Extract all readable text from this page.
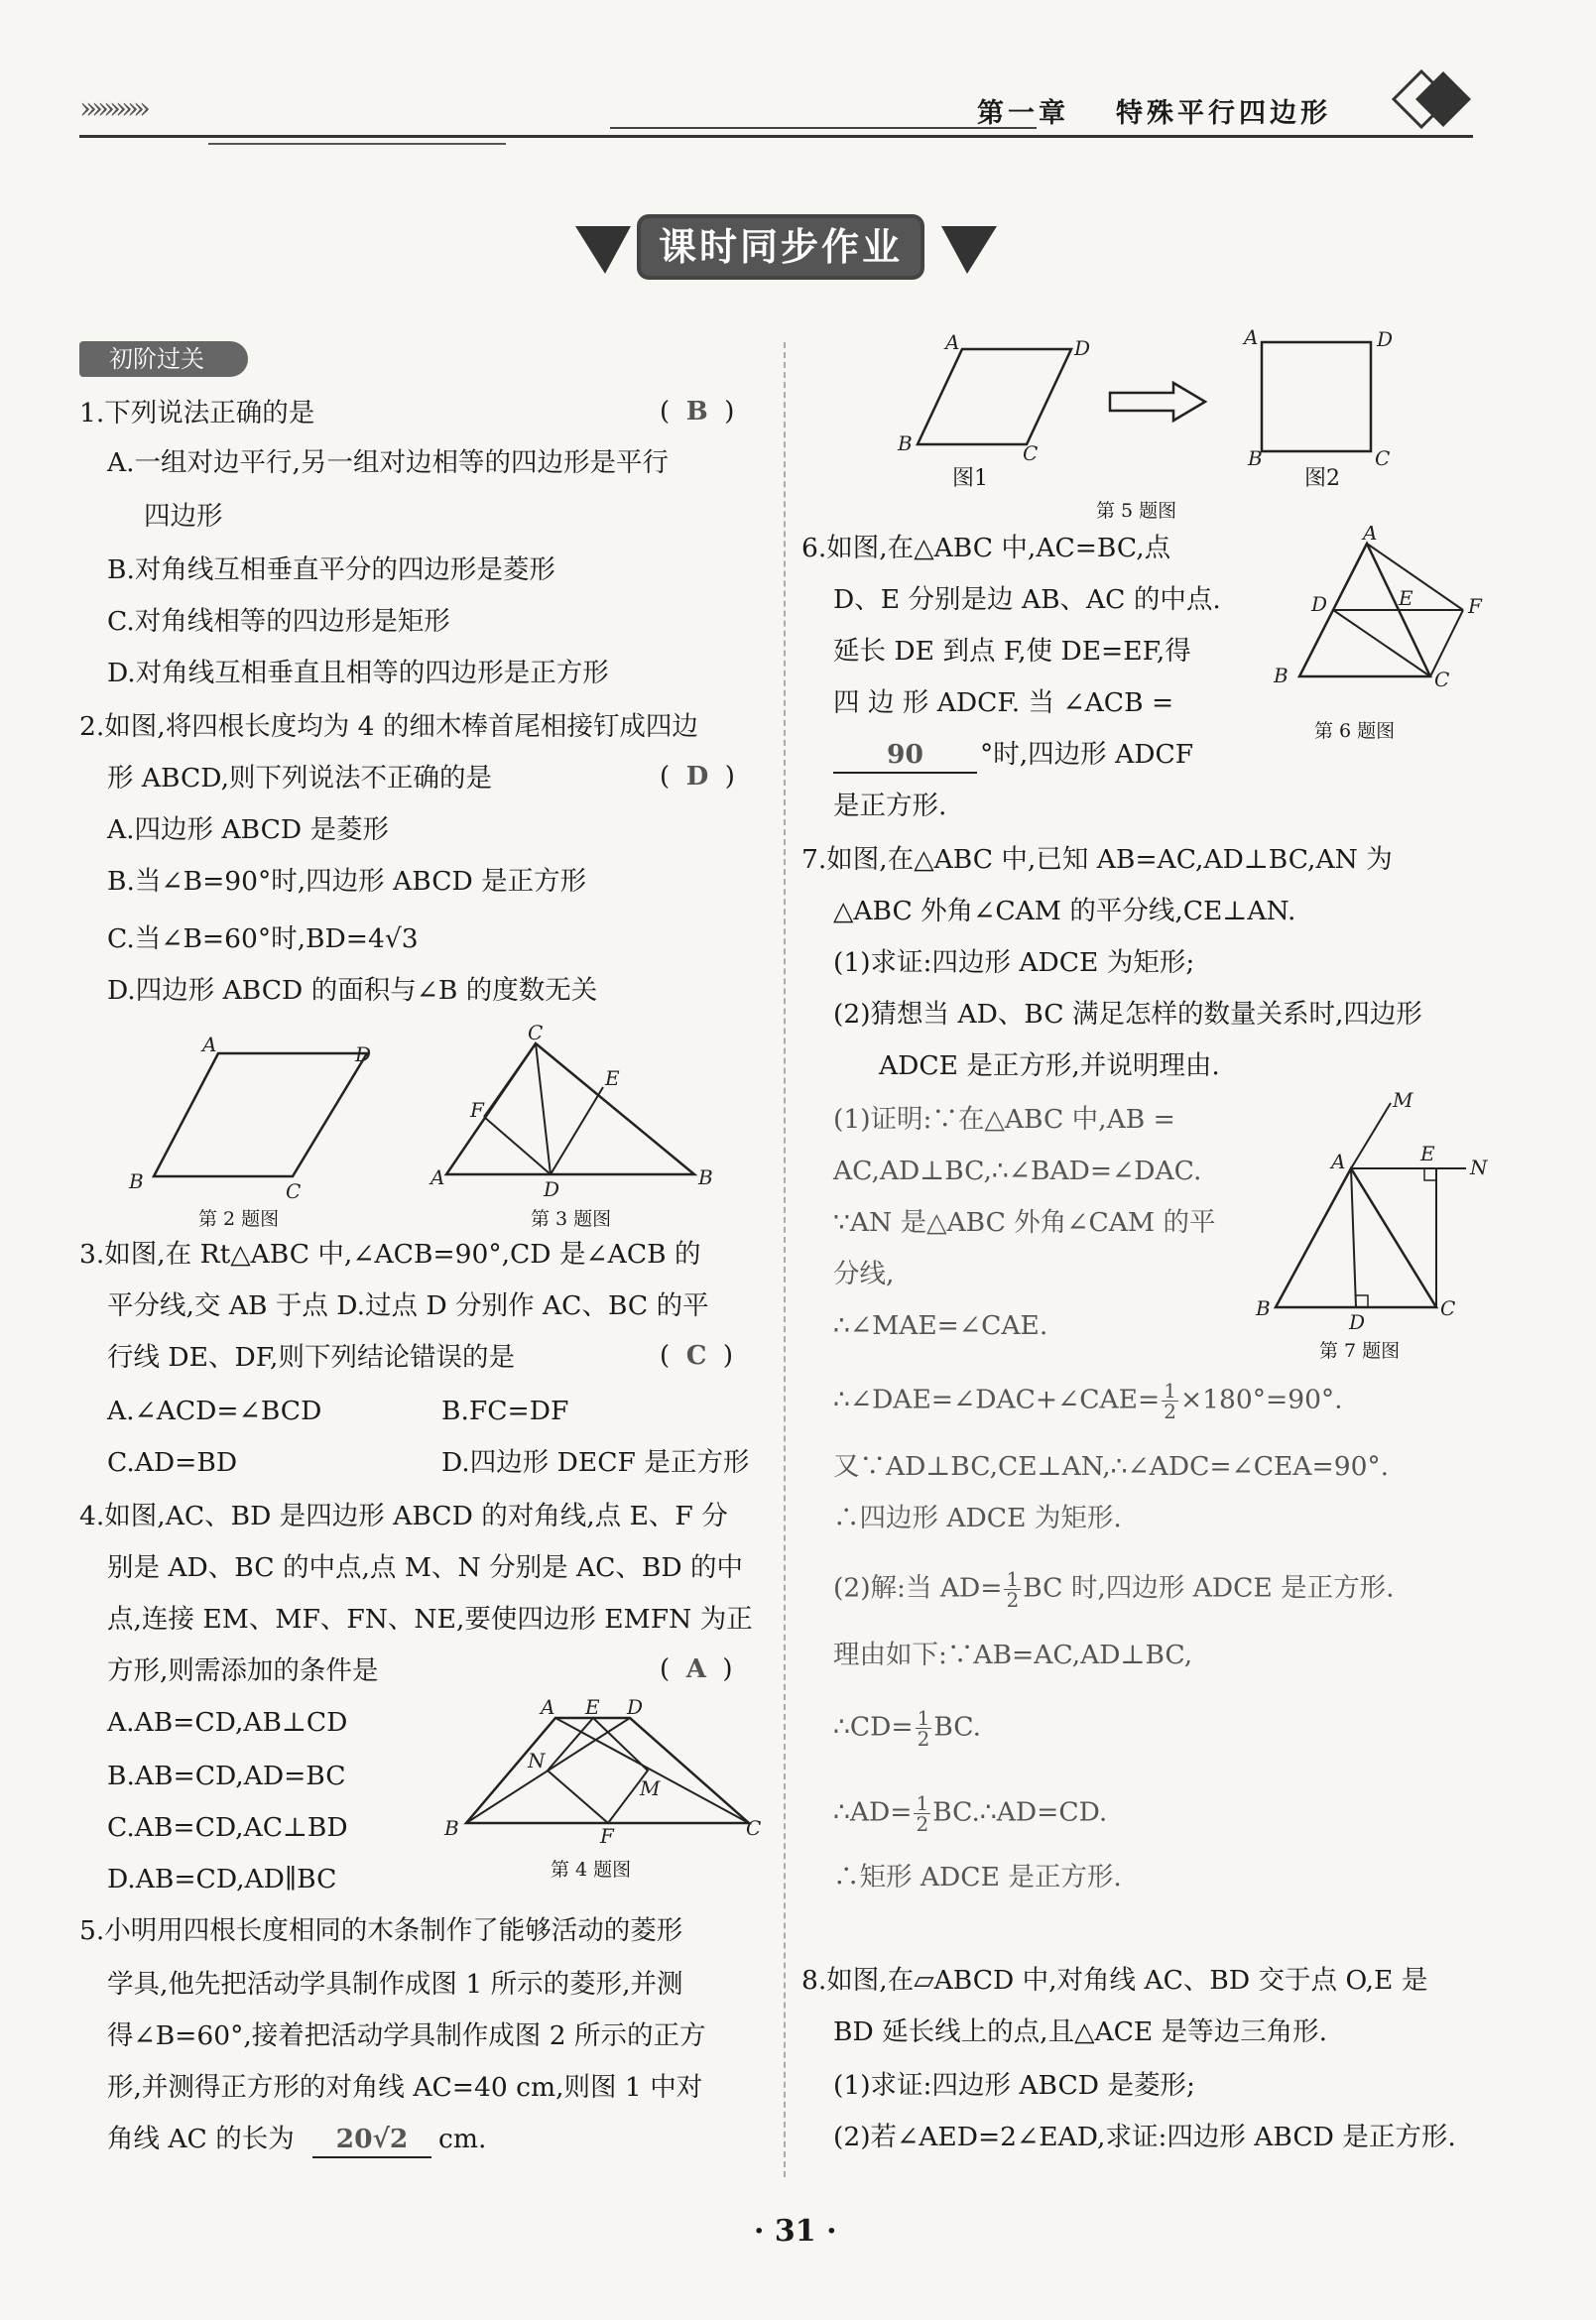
›››››››››››	第一章 特殊平行四边形
课时同步作业
初阶过关
1.下列说法正确的是	(  B  )
A.一组对边平行,另一组对边相等的四边形是平行
四边形
B.对角线互相垂直平分的四边形是菱形
C.对角线相等的四边形是矩形
D.对角线互相垂直且相等的四边形是正方形
2.如图,将四根长度均为 4 的细木棒首尾相接钉成四边
形 ABCD,则下列说法不正确的是	(  D  )
A.四边形 ABCD 是菱形
B.当∠B=90°时,四边形 ABCD 是正方形
C.当∠B=60°时,BD=4√3
D.四边形 ABCD 的面积与∠B 的度数无关
A	D
B	C
第 2 题图
C
F
E
A	D	B
第 3 题图
3.如图,在 Rt△ABC 中,∠ACB=90°,CD 是∠ACB 的
平分线,交 AB 于点 D.过点 D 分别作 AC、BC 的平
行线 DE、DF,则下列结论错误的是	(  C  )
A.∠ACD=∠BCD	B.FC=DF
C.AD=BD	D.四边形 DECF 是正方形
4.如图,AC、BD 是四边形 ABCD 的对角线,点 E、F 分
别是 AD、BC 的中点,点 M、N 分别是 AC、BD 的中
点,连接 EM、MF、FN、NE,要使四边形 EMFN 为正
方形,则需添加的条件是	(  A  )
A.AB=CD,AB⊥CD
B.AB=CD,AD=BC
C.AB=CD,AC⊥BD
D.AB=CD,AD∥BC
A E D
N
M
B	F	C
第 4 题图
5.小明用四根长度相同的木条制作了能够活动的菱形
学具,他先把活动学具制作成图 1 所示的菱形,并测
得∠B=60°,接着把活动学具制作成图 2 所示的正方
形,并测得正方形的对角线 AC=40 cm,则图 1 中对
角线 AC 的长为	20√2	cm.
A	D
B	C
图1
A	D
B	C
图2
第 5 题图
6.如图,在△ABC 中,AC=BC,点
D、E 分别是边 AB、AC 的中点.
延长 DE 到点 F,使 DE=EF,得
四 边 形 ADCF. 当 ∠ACB =
90	°时,四边形 ADCF
是正方形.
A
D	E	F
B	C
第 6 题图
7.如图,在△ABC 中,已知 AB=AC,AD⊥BC,AN 为
△ABC 外角∠CAM 的平分线,CE⊥AN.
(1)求证:四边形 ADCE 为矩形;
(2)猜想当 AD、BC 满足怎样的数量关系时,四边形
ADCE 是正方形,并说明理由.
(1)证明:∵在△ABC 中,AB =
AC,AD⊥BC,∴∠BAD=∠DAC.
∵AN 是△ABC 外角∠CAM 的平
分线,
∴∠MAE=∠CAE.
∴∠DAE=∠DAC+∠CAE= $\frac{1}{2} \times 180^\circ=90^\circ$.
又∵AD⊥BC,CE⊥AN,∴∠ADC=∠CEA=90°.
∴四边形 ADCE 为矩形.
(2)解:当 $AD= \frac{1}{2}$ BC 时,四边形 ADCE 是正方形.
理由如下:∵AB=AC,AD⊥BC,
∴CD= $\frac{1}{2}$ BC.
∴AD= $\frac{1}{2}$ BC.∴AD=CD.
∴矩形 ADCE 是正方形.
M
A	E
N
B
D
C
第 7 题图
8.如图,在▱ABCD 中,对角线 AC、BD 交于点 O,E 是
BD 延长线上的点,且△ACE 是等边三角形.
(1)求证:四边形 ABCD 是菱形;
(2)若∠AED=2∠EAD,求证:四边形 ABCD 是正方形.
· 31 ·
